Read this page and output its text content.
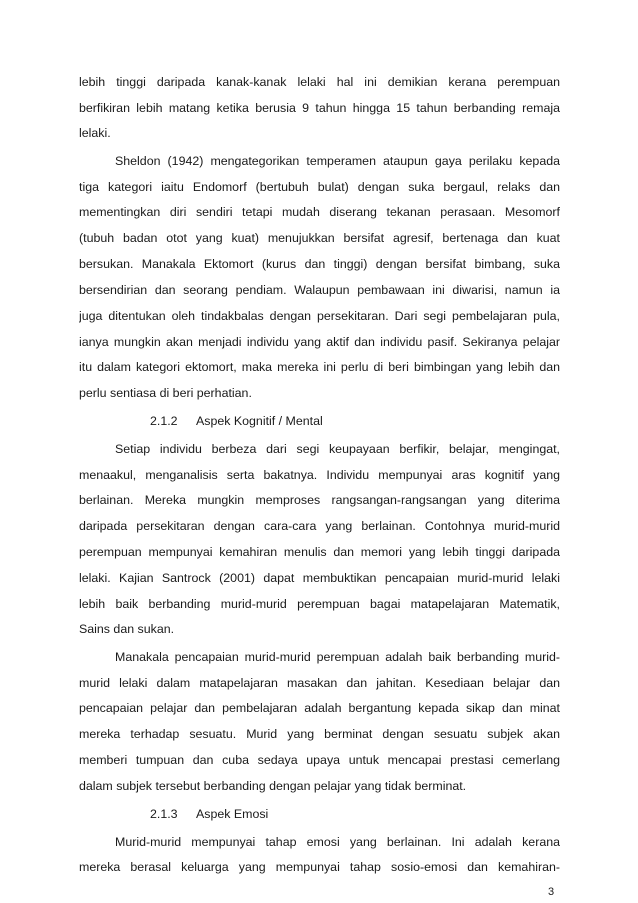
lebih tinggi daripada kanak-kanak lelaki hal ini demikian kerana perempuan
berfikiran lebih matang ketika berusia 9 tahun hingga 15 tahun berbanding remaja
lelaki.
Sheldon (1942) mengategorikan temperamen ataupun gaya perilaku kepada
tiga kategori iaitu Endomorf (bertubuh bulat) dengan suka bergaul, relaks dan
mementingkan diri sendiri tetapi mudah diserang tekanan perasaan. Mesomorf
(tubuh badan otot yang kuat) menujukkan bersifat agresif, bertenaga dan kuat
bersukan. Manakala Ektomort (kurus dan tinggi) dengan bersifat bimbang, suka
bersendirian dan seorang pendiam. Walaupun pembawaan ini diwarisi, namun ia
juga ditentukan oleh tindakbalas dengan persekitaran. Dari segi pembelajaran pula,
ianya mungkin akan menjadi individu yang aktif dan individu pasif. Sekiranya pelajar
itu dalam kategori ektomort, maka mereka ini perlu di beri bimbingan yang lebih dan
perlu sentiasa di beri perhatian.
2.1.2 Aspek Kognitif / Mental
Setiap individu berbeza dari segi keupayaan berfikir, belajar, mengingat,
menaakul, menganalisis serta bakatnya. Individu mempunyai aras kognitif yang
berlainan. Mereka mungkin memproses rangsangan-rangsangan yang diterima
daripada persekitaran dengan cara-cara yang berlainan. Contohnya murid-murid
perempuan mempunyai kemahiran menulis dan memori yang lebih tinggi daripada
lelaki. Kajian Santrock (2001) dapat membuktikan pencapaian murid-murid lelaki
lebih baik berbanding murid-murid perempuan bagai matapelajaran Matematik,
Sains dan sukan.
Manakala pencapaian murid-murid perempuan adalah baik berbanding murid-
murid lelaki dalam matapelajaran masakan dan jahitan. Kesediaan belajar dan
pencapaian pelajar dan pembelajaran adalah bergantung kepada sikap dan minat
mereka terhadap sesuatu. Murid yang berminat dengan sesuatu subjek akan
memberi tumpuan dan cuba sedaya upaya untuk mencapai prestasi cemerlang
dalam subjek tersebut berbanding dengan pelajar yang tidak berminat.
2.1.3 Aspek Emosi
Murid-murid mempunyai tahap emosi yang berlainan. Ini adalah kerana
mereka berasal keluarga yang mempunyai tahap sosio-emosi dan kemahiran-
3
